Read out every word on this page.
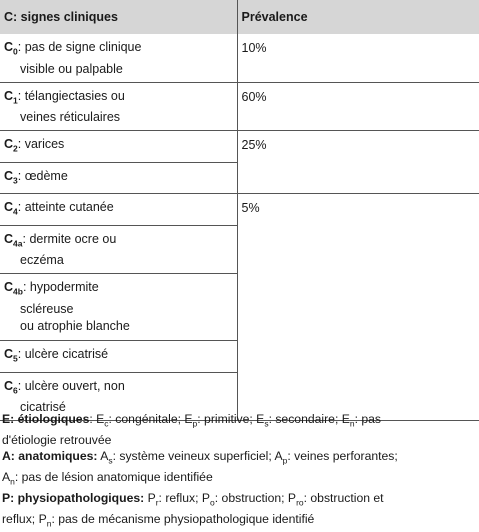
C: signes cliniques	Prévalence
$C_0$: pas de signe clinique
visible ou palpable	10%
$C_1$: télangiectasies ou
veines réticulaires	60%
$C_2$: varices	25%
$C_3$: œdème	
$C_4$: atteinte cutanée	5%
$C_{4a}$: dermite ocre ou
eczéma	
$C_{4b}$: hypodermite
scléreuse
ou atrophie blanche	
$C_5$: ulcère cicatrisé	
$C_6$: ulcère ouvert, non
cicatrisé	

E: étiologiques: $E_c$: congénitale; $E_p$: primitive; $E_s$: secondaire; $E_n$: pas
d'étiologie retrouvée

A: anatomiques: $A_s$: système veineux superficiel; $A_p$: veines perforantes;
$A_n$: pas de lésion anatomique identifiée

P: physiopathologiques: $P_r$: reflux; $P_o$: obstruction; $P_{ro}$: obstruction et
reflux; $P_n$: pas de mécanisme physiopathologique identifié
